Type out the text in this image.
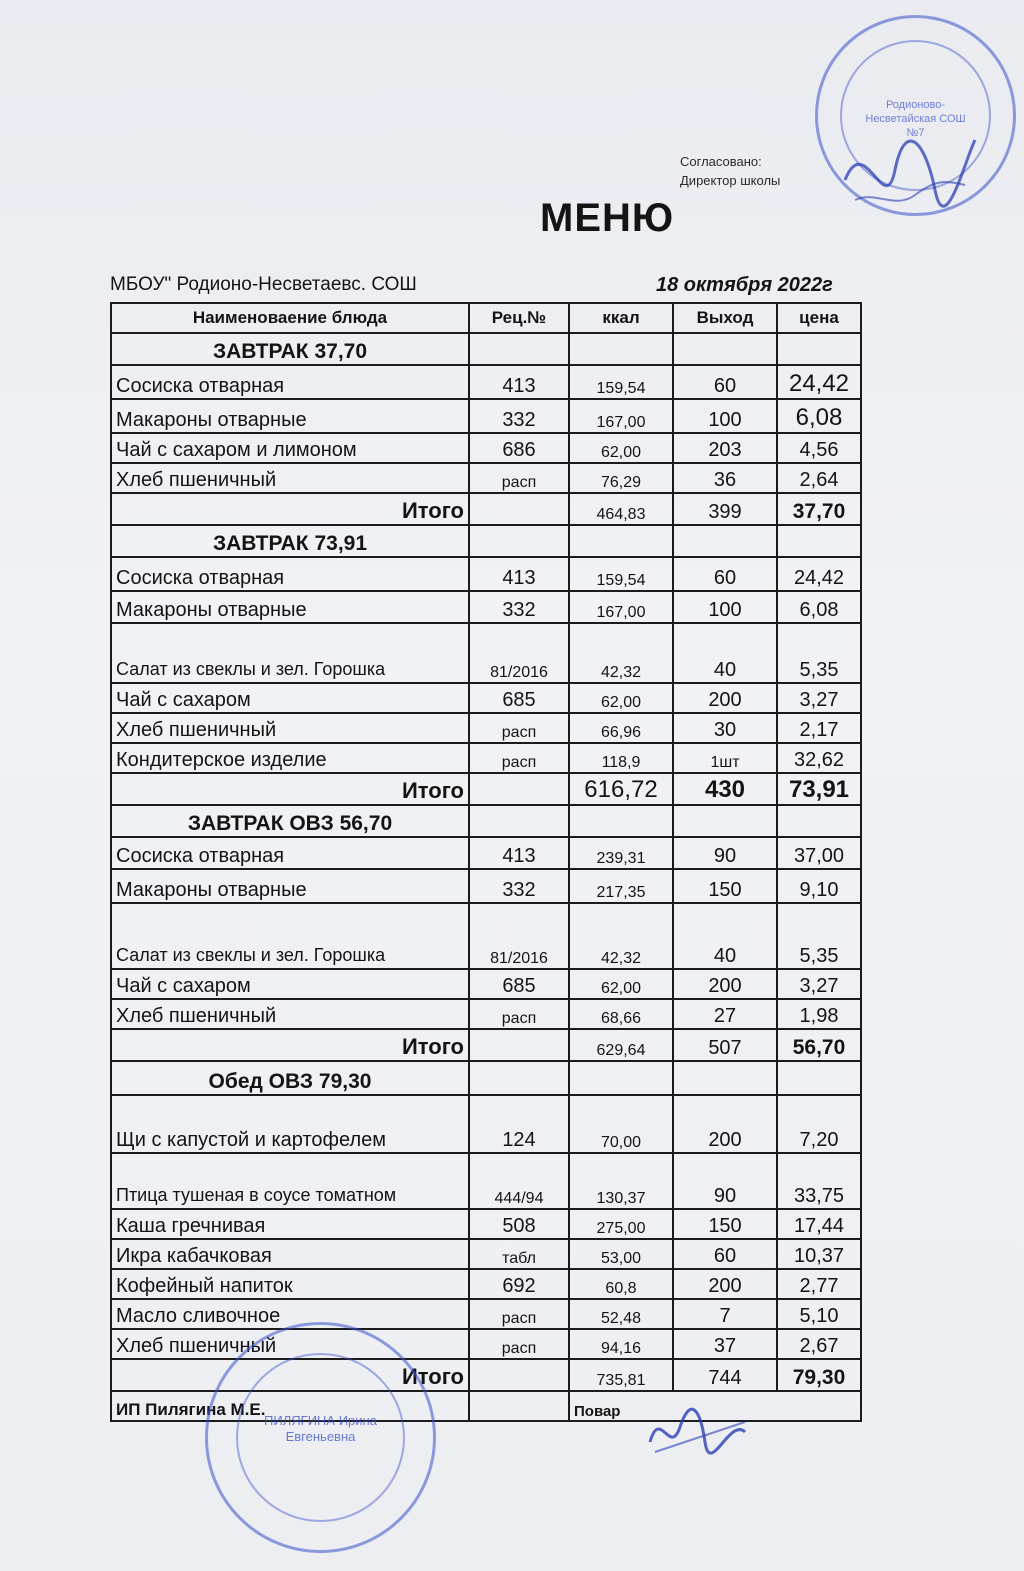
Согласовано:
Директор школы
МЕНЮ
МБОУ" Родионо-Несветаевс. СОШ	18 октября 2022г
Наименоваение блюда	Рец.№	ккал	Выход	цена
ЗАВТРАК 37,70				
Сосиска отварная	413	159,54	60	24,42
Макароны отварные	332	167,00	100	6,08
Чай с сахаром и лимоном	686	62,00	203	4,56
Хлеб пшеничный	расп	76,29	36	2,64
Итого		464,83	399	37,70
ЗАВТРАК 73,91				
Сосиска отварная	413	159,54	60	24,42
Макароны отварные	332	167,00	100	6,08
Салат из свеклы и зел. Горошка	81/2016	42,32	40	5,35
Чай с сахаром	685	62,00	200	3,27
Хлеб пшеничный	расп	66,96	30	2,17
Кондитерское изделие	расп	118,9	1шт	32,62
Итого		616,72	430	73,91
ЗАВТРАК ОВЗ 56,70				
Сосиска отварная	413	239,31	90	37,00
Макароны отварные	332	217,35	150	9,10
Салат из свеклы и зел. Горошка	81/2016	42,32	40	5,35
Чай с сахаром	685	62,00	200	3,27
Хлеб пшеничный	расп	68,66	27	1,98
Итого		629,64	507	56,70
Обед ОВЗ 79,30				
Щи с капустой и картофелем	124	70,00	200	7,20
Птица тушеная в соусе томатном	444/94	130,37	90	33,75
Каша гречнивая	508	275,00	150	17,44
Икра кабачковая	табл	53,00	60	10,37
Кофейный напиток	692	60,8	200	2,77
Масло сливочное	расп	52,48	7	5,10
Хлеб пшеничный	расп	94,16	37	2,67
Итого		735,81	744	79,30
ИП Пилягина М.Е.		Повар		
Родионово-Несветайская СОШ №7
ПИЛЯГИНА Ирина Евгеньевна
